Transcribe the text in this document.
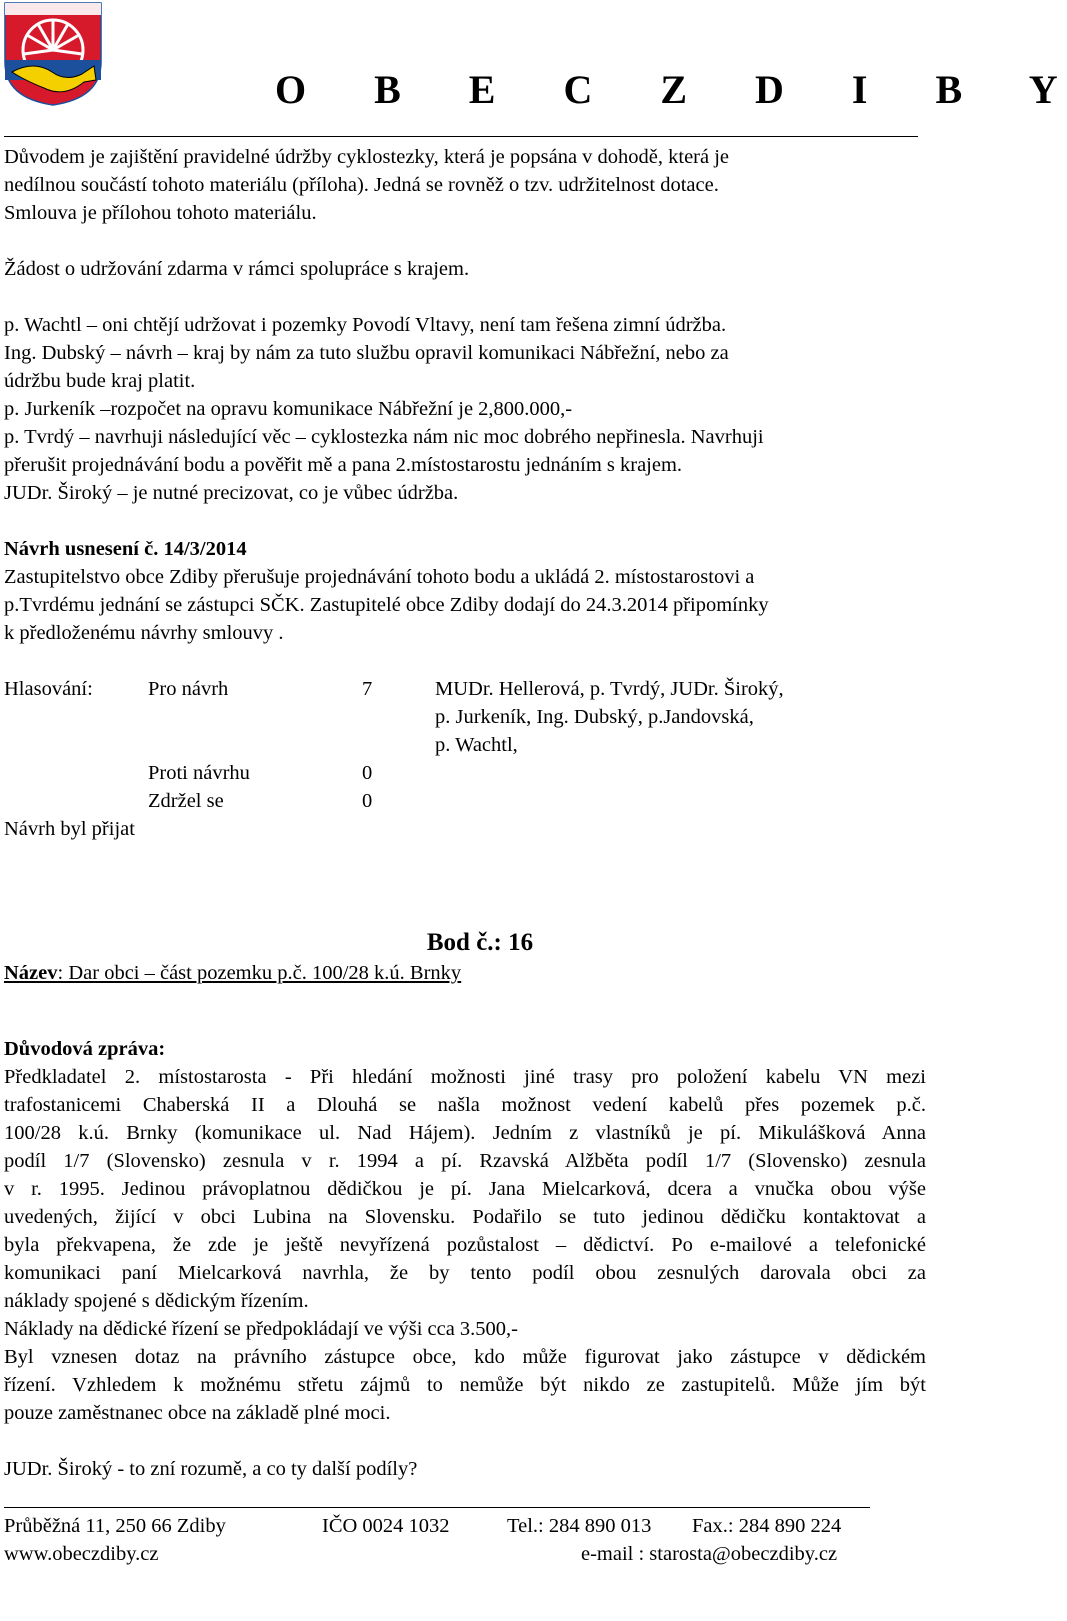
O B E C Z D I B Y
Důvodem je zajištění pravidelné údržby cyklostezky, která je popsána v dohodě, která je
nedílnou součástí tohoto materiálu (příloha). Jedná se rovněž o tzv. udržitelnost dotace.
Smlouva je přílohou tohoto materiálu.
Žádost o udržování zdarma v rámci spolupráce s krajem.
p. Wachtl – oni chtějí udržovat i pozemky Povodí Vltavy, není tam řešena zimní údržba.
Ing. Dubský – návrh – kraj by nám za tuto službu opravil komunikaci Nábřežní, nebo za
údržbu bude kraj platit.
p. Jurkeník –rozpočet na opravu komunikace Nábřežní je 2,800.000,-
p. Tvrdý – navrhuji následující věc – cyklostezka nám nic moc dobrého nepřinesla. Navrhuji
přerušit projednávání bodu a pověřit mě a pana 2.místostarostu jednáním s krajem.
JUDr. Široký – je nutné precizovat, co je vůbec údržba.
Návrh usnesení č. 14/3/2014
Zastupitelstvo obce Zdiby přerušuje projednávání tohoto bodu a ukládá 2. místostarostovi a
p.Tvrdému jednání se zástupci SČK. Zastupitelé obce Zdiby dodají do 24.3.2014 připomínky
k předloženému návrhy smlouvy .
Hlasování:	Pro návrh	7	MUDr. Hellerová, p. Tvrdý, JUDr. Široký,
p. Jurkeník, Ing. Dubský, p.Jandovská,
p. Wachtl,
Proti návrhu	0
Zdržel se	0
Návrh byl přijat
Bod č.: 16
Název: Dar obci – část pozemku p.č. 100/28 k.ú. Brnky
Důvodová zpráva:
Předkladatel 2. místostarosta - Při hledání možnosti jiné trasy pro položení kabelu VN mezi
trafostanicemi Chaberská II a Dlouhá se našla možnost vedení kabelů přes pozemek p.č.
100/28 k.ú. Brnky (komunikace ul. Nad Hájem). Jedním z vlastníků je pí. Mikulášková Anna
podíl 1/7 (Slovensko) zesnula v r. 1994 a pí. Rzavská Alžběta podíl 1/7 (Slovensko) zesnula
v r. 1995. Jedinou právoplatnou dědičkou je pí. Jana Mielcarková, dcera a vnučka obou výše
uvedených, žijící v obci Lubina na Slovensku. Podařilo se tuto jedinou dědičku kontaktovat a
byla překvapena, že zde je ještě nevyřízená pozůstalost – dědictví. Po e-mailové a telefonické
komunikaci paní Mielcarková navrhla, že by tento podíl obou zesnulých darovala obci za
náklady spojené s dědickým řízením.
Náklady na dědické řízení se předpokládají ve výši cca 3.500,-
Byl vznesen dotaz na právního zástupce obce, kdo může figurovat jako zástupce v dědickém
řízení. Vzhledem k možnému střetu zájmů to nemůže být nikdo ze zastupitelů. Může jím být
pouze zaměstnanec obce na základě plné moci.
JUDr. Široký - to zní rozumě, a co ty další podíly?
Průběžná 11, 250 66 Zdiby	IČO 0024 1032	Tel.: 284 890 013 Fax.: 284 890 224
www.obeczdiby.cz	e-mail : starosta@obeczdiby.cz
